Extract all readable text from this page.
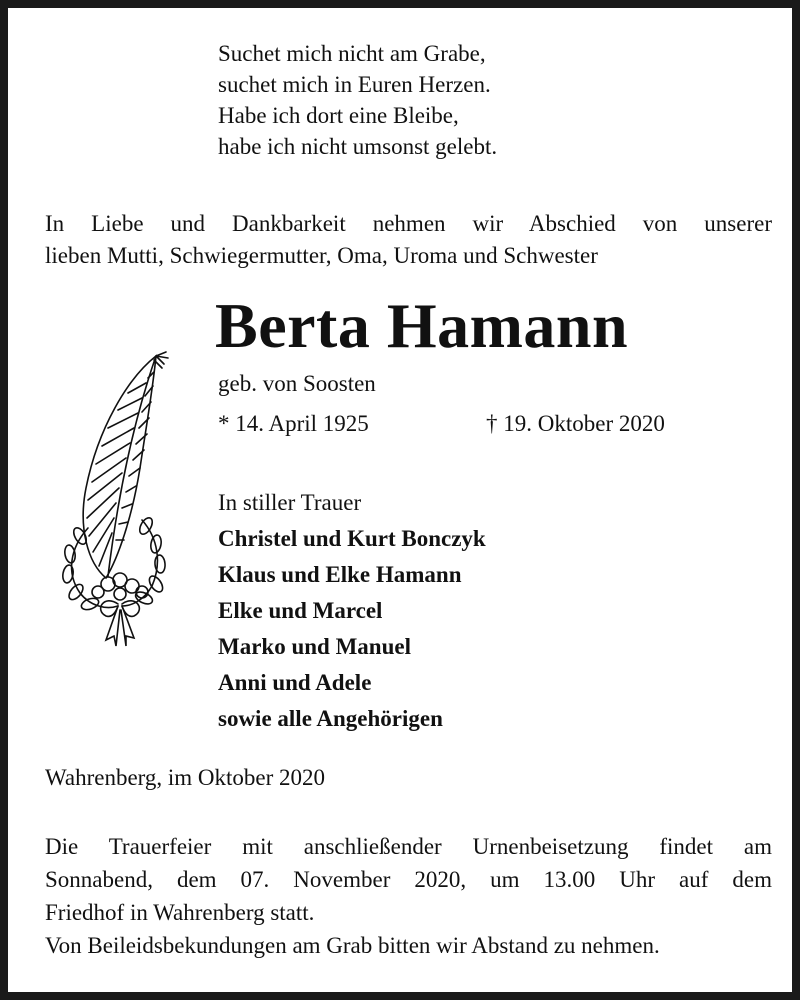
Suchet mich nicht am Grabe,
suchet mich in Euren Herzen.
Habe ich dort eine Bleibe,
habe ich nicht umsonst gelebt.
In Liebe und Dankbarkeit nehmen wir Abschied von unserer
lieben Mutti, Schwiegermutter, Oma, Uroma und Schwester
Berta Hamann
geb. von Soosten
* 14. April 1925	† 19. Oktober 2020
In stiller Trauer
Christel und Kurt Bonczyk
Klaus und Elke Hamann
Elke und Marcel
Marko und Manuel
Anni und Adele
sowie alle Angehörigen
Wahrenberg, im Oktober 2020
Die Trauerfeier mit anschließender Urnenbeisetzung findet am
Sonnabend, dem 07. November 2020, um 13.00 Uhr auf dem
Friedhof in Wahrenberg statt.
Von Beileidsbekundungen am Grab bitten wir Abstand zu nehmen.
